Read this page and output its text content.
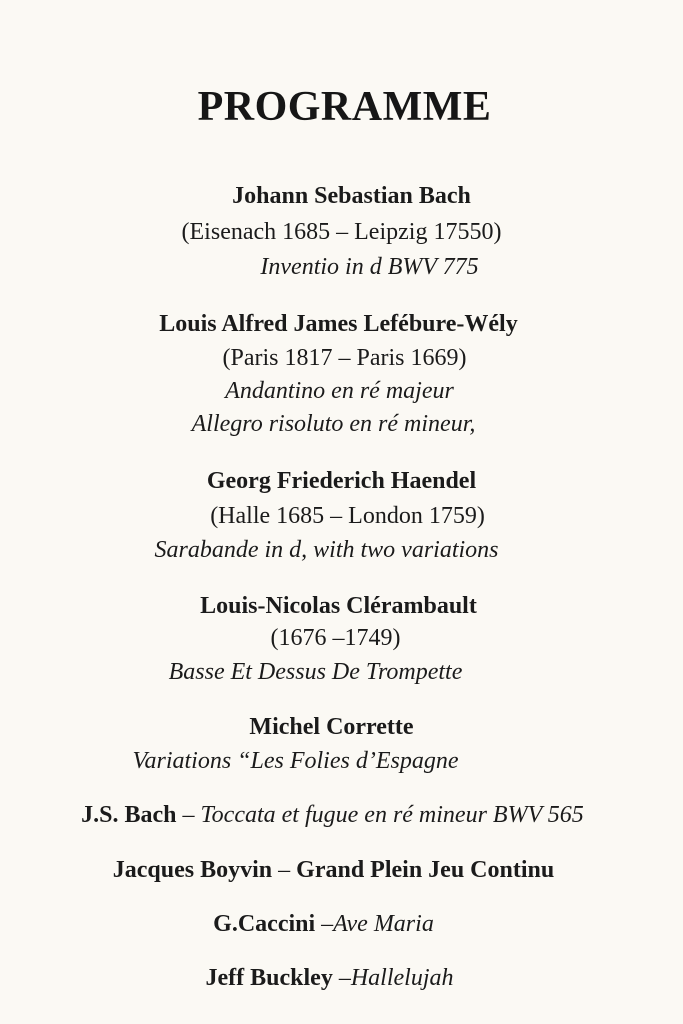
PROGRAMME
Johann Sebastian Bach
(Eisenach 1685 – Leipzig 17550)
Inventio in d BWV 775
Louis Alfred James Lefébure-Wély
(Paris 1817 – Paris 1669)
Andantino en ré majeur
Allegro risoluto en ré mineur,
Georg Friederich Haendel
(Halle 1685 – London 1759)
Sarabande in d, with two variations
Louis-Nicolas Clérambault
(1676 –1749)
Basse Et Dessus De Trompette
Michel Corrette
Variations “Les Folies d’Espagne
J.S. Bach – Toccata et fugue en ré mineur BWV 565
Jacques Boyvin – Grand Plein Jeu Continu
G.Caccini –Ave Maria
Jeff Buckley –Hallelujah
